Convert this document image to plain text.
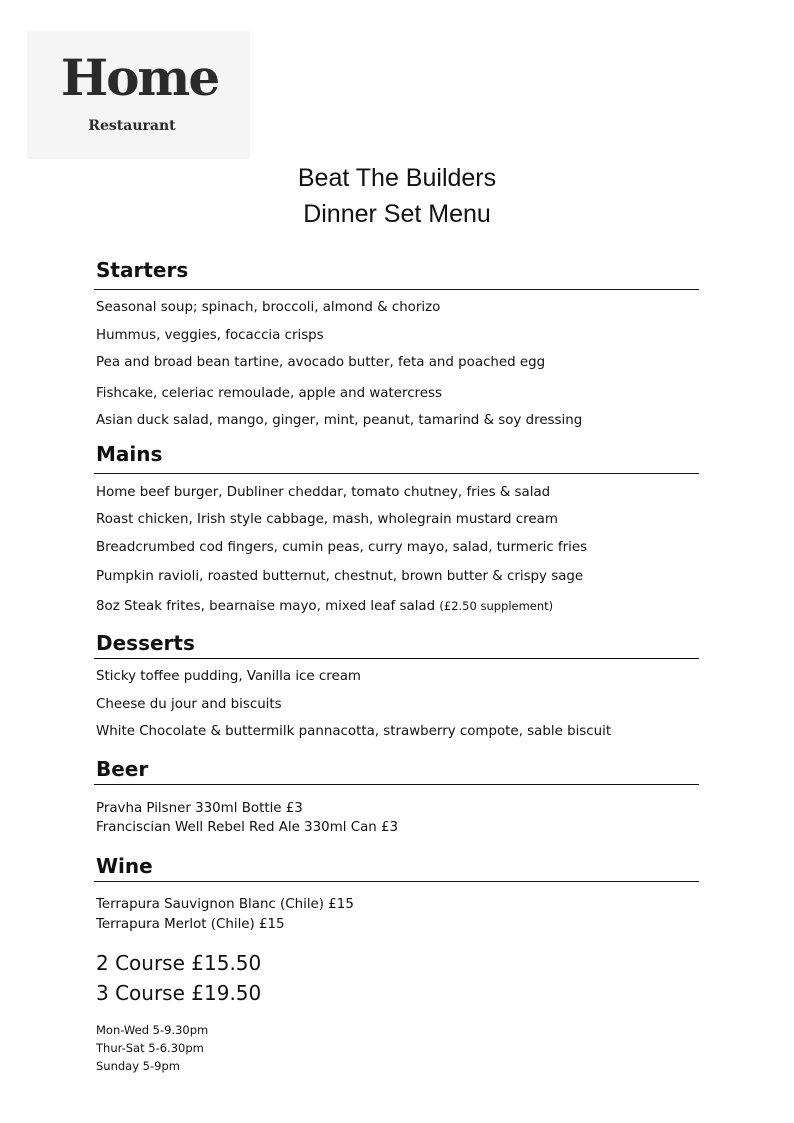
Home
Restaurant
Beat The Builders
Dinner Set Menu
Starters
Seasonal soup; spinach, broccoli, almond & chorizo
Hummus, veggies, focaccia crisps
Pea and broad bean tartine, avocado butter, feta and poached egg
Fishcake, celeriac remoulade, apple and watercress
Asian duck salad, mango, ginger, mint, peanut, tamarind & soy dressing
Mains
Home beef burger, Dubliner cheddar, tomato chutney, fries & salad
Roast chicken, Irish style cabbage, mash, wholegrain mustard cream
Breadcrumbed cod fingers, cumin peas, curry mayo, salad, turmeric fries
Pumpkin ravioli, roasted butternut, chestnut, brown butter & crispy sage
8oz Steak frites, bearnaise mayo, mixed leaf salad (£2.50 supplement)
Desserts
Sticky toffee pudding, Vanilla ice cream
Cheese du jour and biscuits
White Chocolate & buttermilk pannacotta, strawberry compote, sable biscuit
Beer
Pravha Pilsner 330ml Bottle £3
Franciscian Well Rebel Red Ale 330ml Can £3
Wine
Terrapura Sauvignon Blanc (Chile) £15
Terrapura Merlot (Chile) £15
2 Course £15.50
3 Course £19.50
Mon-Wed 5-9.30pm
Thur-Sat 5-6.30pm
Sunday 5-9pm
